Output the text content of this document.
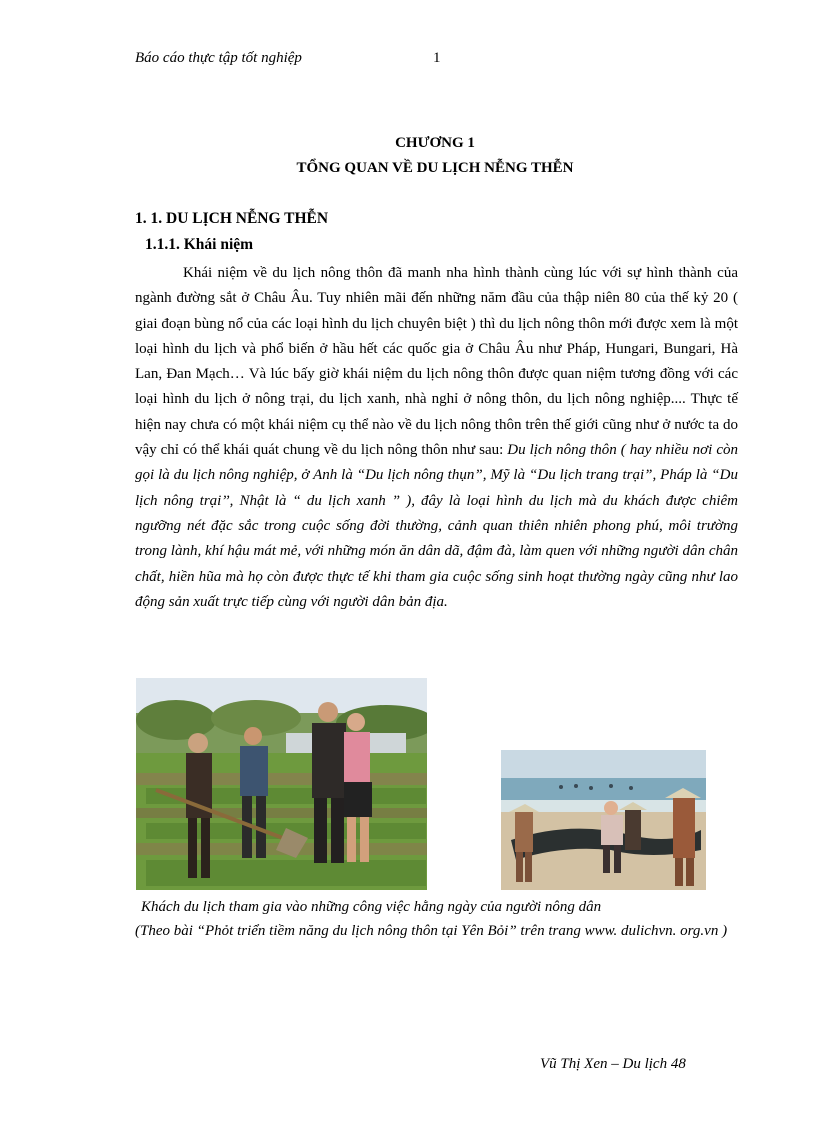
Báo cáo thực tập tốt nghiệp	1
CHƯƠNG 1
TỔNG QUAN VỀ DU LỊCH NỄNG THỄN
1. 1. DU LỊCH NỄNG THỄN
1.1.1. Khái niệm

Khái niệm về du lịch nông thôn đã manh nha hình thành cùng lúc với sự hình thành của ngành đường sắt ở Châu Âu. Tuy nhiên mãi đến những năm đầu của thập niên 80 của thế kỷ 20 ( giai đoạn bùng nổ của các loại hình du lịch chuyên biệt ) thì du lịch nông thôn mới được xem là một loại hình du lịch và phổ biến ở hầu hết các quốc gia ở Châu Âu như Pháp, Hungari, Bungari, Hà Lan, Đan Mạch… Và lúc bấy giờ khái niệm du lịch nông thôn được quan niệm tương đồng với các loại hình du lịch ở nông trại, du lịch xanh, nhà nghỉ ở nông thôn, du lịch nông nghiệp.... Thực tế hiện nay chưa có một khái niệm cụ thể nào về du lịch nông thôn trên thế giới cũng như ở nước ta do vậy chỉ có thể khái quát chung về du lịch nông thôn như sau: Du lịch nông thôn ( hay nhiều nơi còn gọi là du lịch nông nghiệp, ở Anh là “Du lịch nông thụn”, Mỹ là “Du lịch trang trại”, Pháp là “Du lịch nông trại’’, Nhật là “ du lịch xanh ” ), đây là loại hình du lịch mà du khách được chiêm ngưỡng nét đặc sắc trong cuộc sống đời thường, cảnh quan thiên nhiên phong phú, môi trường trong lành, khí hậu mát mẻ, với những món ăn dân dã, đậm đà, làm quen với những người dân chân chất, hiền hũa mà họ còn được thực tế khi tham gia cuộc sống sinh hoạt thường ngày cũng như lao động sản xuất trực tiếp cùng với người dân bản địa.

Khách du lịch tham gia vào những công việc hằng ngày của người nông dân
(Theo bài “Phỏt triển tiềm năng du lịch nông thôn tại Yên Bỏi” trên trang www. dulichvn. org.vn )
Vũ Thị Xen – Du lịch 48
